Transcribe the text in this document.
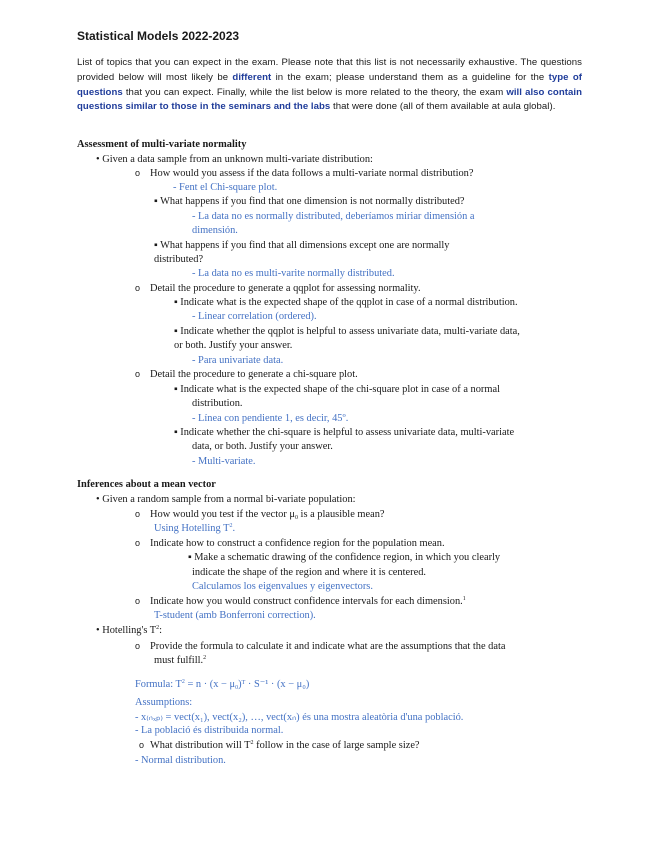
Statistical Models 2022-2023
List of topics that you can expect in the exam. Please note that this list is not necessarily exhaustive. The questions provided below will most likely be different in the exam; please understand them as a guideline for the type of questions that you can expect. Finally, while the list below is more related to the theory, the exam will also contain questions similar to those in the seminars and the labs that were done (all of them available at aula global).
Assessment of multi-variate normality
• Given a data sample from an unknown multi-variate distribution:
o How would you assess if the data follows a multi-variate normal distribution?
- Fent el Chi-square plot.
▪ What happens if you find that one dimension is not normally distributed?
- La data no es normally distributed, deberíamos miriar dimensión a
dimensión.
▪ What happens if you find that all dimensions except one are normally
distributed?
- La data no es multi-varite normally distributed.
o Detail the procedure to generate a qqplot for assessing normality.
▪ Indicate what is the expected shape of the qqplot in case of a normal distribution.
- Linear correlation (ordered).
▪ Indicate whether the qqplot is helpful to assess univariate data, multi-variate data,
or both. Justify your answer.
- Para univariate data.
o Detail the procedure to generate a chi-square plot.
▪ Indicate what is the expected shape of the chi-square plot in case of a normal
distribution.
- Línea con pendiente 1, es decir, 45º.
▪ Indicate whether the chi-square is helpful to assess univariate data, multi-variate
data, or both. Justify your answer.
- Multi-variate.
Inferences about a mean vector
• Given a random sample from a normal bi-variate population:
o How would you test if the vector $\mu_0$ is a plausible mean?
Using Hotelling $T^2$.
o Indicate how to construct a confidence region for the population mean.
▪ Make a schematic drawing of the confidence region, in which you clearly
indicate the shape of the region and where it is centered.
Calculamos los eigenvalues y eigenvectors.
o Indicate how you would construct confidence intervals for each dimension.$^1$
T-student (amb Bonferroni correction).
• Hotelling's $T^2$:
o Provide the formula to calculate it and indicate what are the assumptions that the data
must fulfill.$^2$
Formula: $T^2 = n \cdot (x$ − $\mu_0)ᵀ \cdot S^{-1} \cdot (x - \mu_0)$
Assumptions:
- x₍ₙₓₚ₎ = vect(x₁), vect(x₂), …, vect(xₙ) és una mostra aleatòria d'una població.
- La població és distribuida normal.
o What distribution will $T^2$ follow in the case of large sample size?
- Normal distribution.
